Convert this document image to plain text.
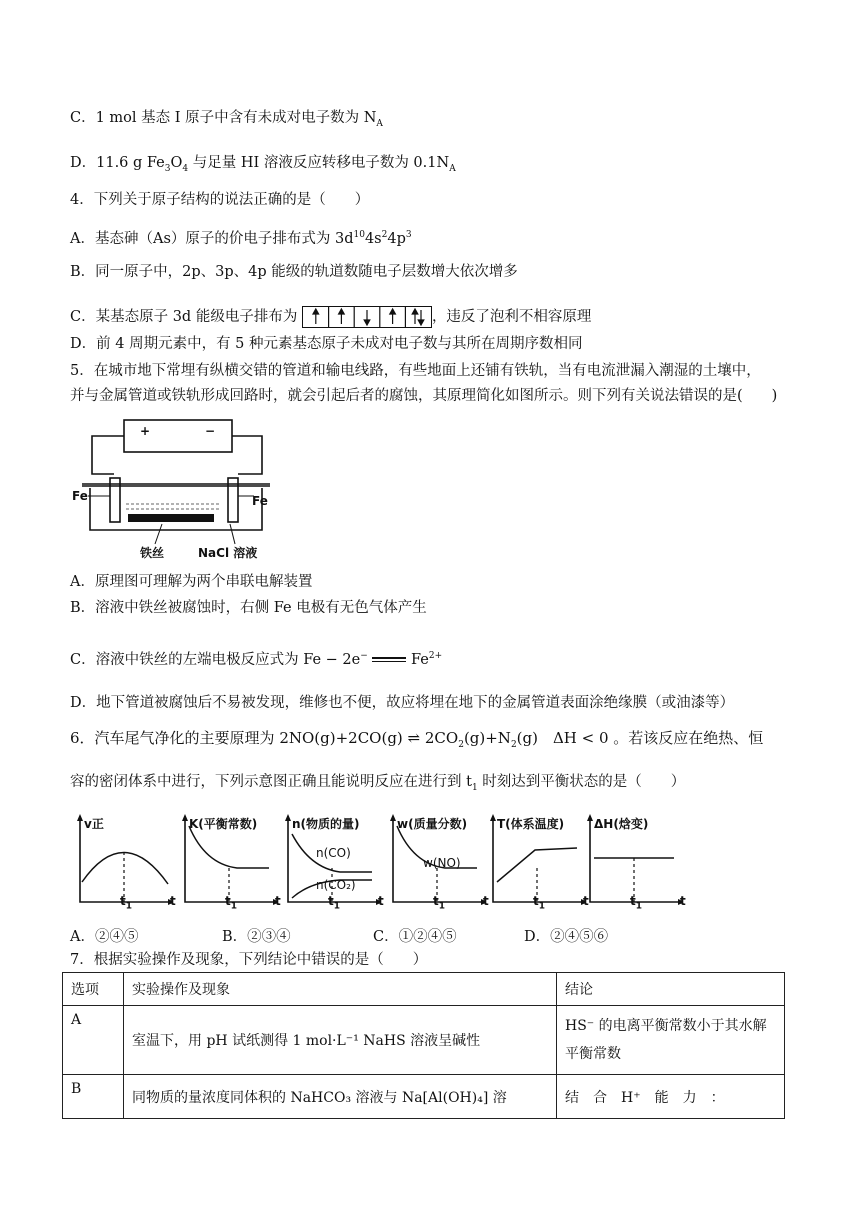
C．1 mol 基态 I 原子中含有未成对电子数为 $N_A$
D．11.6 g $Fe_3O_4$ 与足量 HI 溶液反应转移电子数为 $0.1N_A$
4．下列关于原子结构的说法正确的是（　　）
A．基态砷（As）原子的价电子排布式为 $3d^{10}4s^24p^3$
B．同一原子中，2p、3p、4p 能级的轨道数随电子层数增大依次增多
C．某基态原子 3d 能级电子排布为	，违反了泡利不相容原理
D．前 4 周期元素中，有 5 种元素基态原子未成对电子数与其所在周期序数相同
5．在城市地下常埋有纵横交错的管道和输电线路，有些地面上还铺有铁轨，当有电流泄漏入潮湿的土壤中，
并与金属管道或铁轨形成回路时，就会引起后者的腐蚀，其原理简化如图所示。则下列有关说法错误的是(　　)
+	−
Fe	Fe
铁丝	NaCl 溶液
A．原理图可理解为两个串联电解装置
B．溶液中铁丝被腐蚀时，右侧 Fe 电极有无色气体产生
C．溶液中铁丝的左端电极反应式为 Fe − 2e−	$Fe^{2+}$
D．地下管道被腐蚀后不易被发现，维修也不便，故应将埋在地下的金属管道表面涂绝缘膜（或油漆等）
6．汽车尾气净化的主要原理为 2NO(g)+2CO(g) ⇌ $2CO_2(g)+N_2(g)$　ΔH < 0 。若该反应在绝热、恒
容的密闭体系中进行，下列示意图正确且能说明反应在进行到 $t_1$ 时刻达到平衡状态的是（　　）
v正
$t_1$	t
K(平衡常数)
$t_1$	t
n(物质的量)
$t_1$	t
n(CO)
n(CO₂)
w(质量分数)
$t_1$	t
w(NO)
T(体系温度)
$t_1$	t
ΔH(焓变)
$t_1$	t
A．②④⑤	B．②③④	C．①②④⑤	D．②④⑤⑥
7．根据实验操作及现象，下列结论中错误的是（　　）
选项	实验操作及现象	结论
A	室温下，用 pH 试纸测得 1 mol·L⁻¹ NaHS 溶液呈碱性	HS⁻ 的电离平衡常数小于其水解平衡常数
B	同物质的量浓度同体积的 NaHCO₃ 溶液与 Na[Al(OH)₄] 溶	结　合　H⁺　能　力　：
